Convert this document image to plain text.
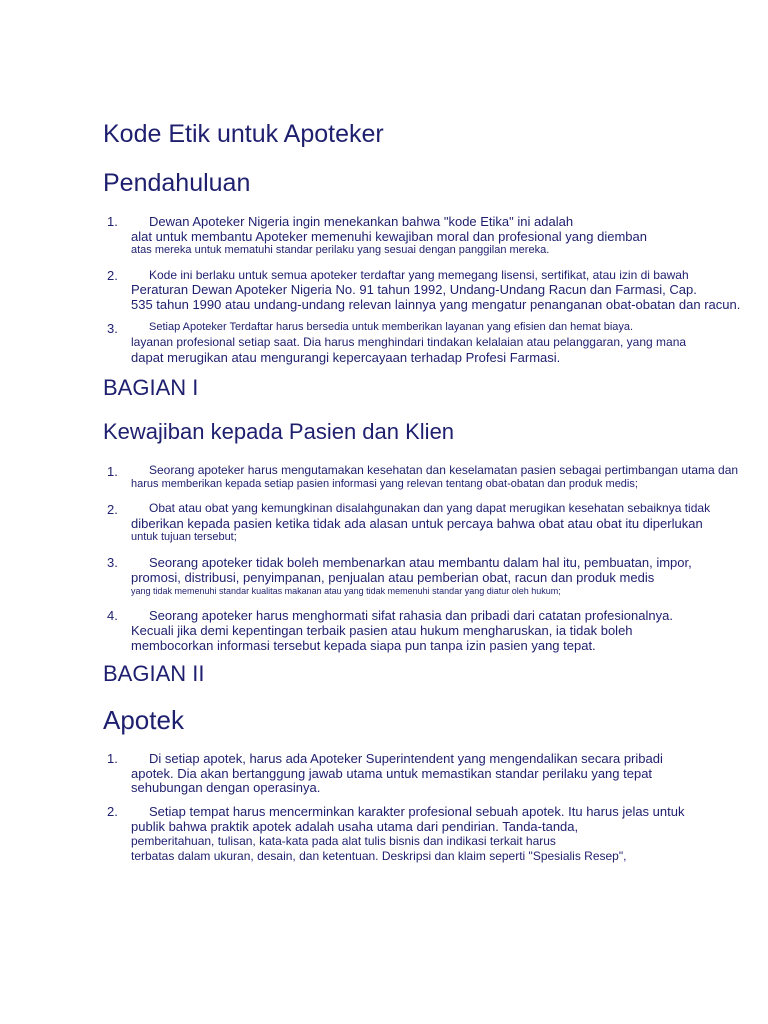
Kode Etik untuk Apoteker
Pendahuluan
1. Dewan Apoteker Nigeria ingin menekankan bahwa "kode Etika" ini adalah
alat untuk membantu Apoteker memenuhi kewajiban moral dan profesional yang diemban
atas mereka untuk mematuhi standar perilaku yang sesuai dengan panggilan mereka.
2.	Kode ini berlaku untuk semua apoteker terdaftar yang memegang lisensi, sertifikat, atau izin di bawah
Peraturan Dewan Apoteker Nigeria No. 91 tahun 1992, Undang-Undang Racun dan Farmasi, Cap.
535 tahun 1990 atau undang-undang relevan lainnya yang mengatur penanganan obat-obatan dan racun.
3.	Setiap Apoteker Terdaftar harus bersedia untuk memberikan layanan yang efisien dan hemat biaya.
layanan profesional setiap saat. Dia harus menghindari tindakan kelalaian atau pelanggaran, yang mana
dapat merugikan atau mengurangi kepercayaan terhadap Profesi Farmasi.
BAGIAN I
Kewajiban kepada Pasien dan Klien
1.	Seorang apoteker harus mengutamakan kesehatan dan keselamatan pasien sebagai pertimbangan utama dan
harus memberikan kepada setiap pasien informasi yang relevan tentang obat-obatan dan produk medis;
2.	Obat atau obat yang kemungkinan disalahgunakan dan yang dapat merugikan kesehatan sebaiknya tidak
diberikan kepada pasien ketika tidak ada alasan untuk percaya bahwa obat atau obat itu diperlukan
untuk tujuan tersebut;
3. Seorang apoteker tidak boleh membenarkan atau membantu dalam hal itu, pembuatan, impor,
promosi, distribusi, penyimpanan, penjualan atau pemberian obat, racun dan produk medis
yang tidak memenuhi standar kualitas makanan atau yang tidak memenuhi standar yang diatur oleh hukum;
4. Seorang apoteker harus menghormati sifat rahasia dan pribadi dari catatan profesionalnya.
Kecuali jika demi kepentingan terbaik pasien atau hukum mengharuskan, ia tidak boleh
membocorkan informasi tersebut kepada siapa pun tanpa izin pasien yang tepat.
BAGIAN II
Apotek
1. Di setiap apotek, harus ada Apoteker Superintendent yang mengendalikan secara pribadi
apotek. Dia akan bertanggung jawab utama untuk memastikan standar perilaku yang tepat
sehubungan dengan operasinya.
2. Setiap tempat harus mencerminkan karakter profesional sebuah apotek. Itu harus jelas untuk
publik bahwa praktik apotek adalah usaha utama dari pendirian. Tanda-tanda,
pemberitahuan, tulisan, kata-kata pada alat tulis bisnis dan indikasi terkait harus
terbatas dalam ukuran, desain, dan ketentuan. Deskripsi dan klaim seperti "Spesialis Resep",
